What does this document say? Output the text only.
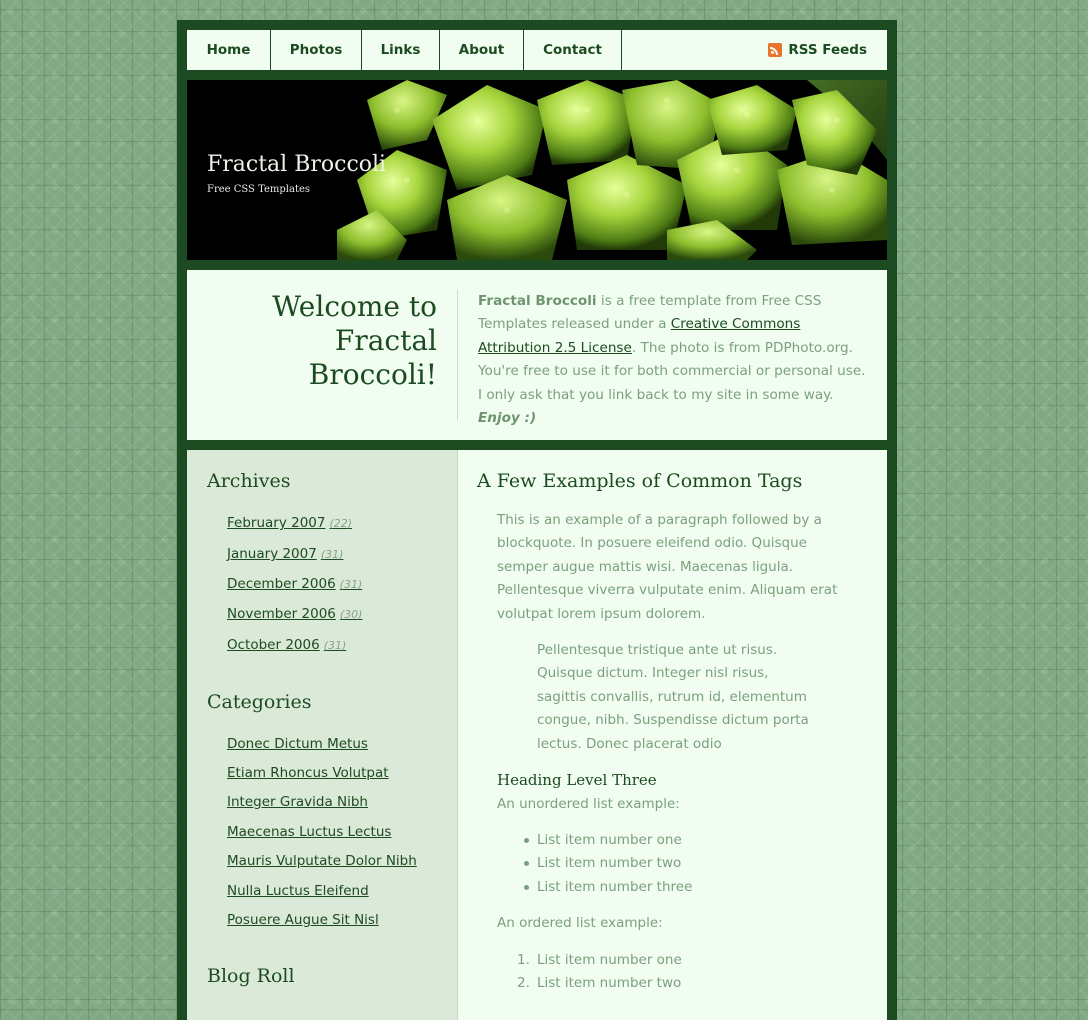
Home	Photos	Links	About	Contact	RSS Feeds
Fractal Broccoli
Free CSS Templates
Welcome to
Fractal Broccoli!

Fractal Broccoli is a free template from Free CSS Templates released under a Creative Commons Attribution 2.5 License. The photo is from PDPhoto.org. You're free to use it for both commercial or personal use. I only ask that you link back to my site in some way. Enjoy :)

Archives
February 2007 (22)
January 2007 (31)
December 2006 (31)
November 2006 (30)
October 2006 (31)
Categories
Donec Dictum Metus
Etiam Rhoncus Volutpat
Integer Gravida Nibh
Maecenas Luctus Lectus
Mauris Vulputate Dolor Nibh
Nulla Luctus Eleifend
Posuere Augue Sit Nisl
Blog Roll
A Few Examples of Common Tags
This is an example of a paragraph followed by a
blockquote. In posuere eleifend odio. Quisque
semper augue mattis wisi. Maecenas ligula.
Pellentesque viverra vulputate enim. Aliquam erat
volutpat lorem ipsum dolorem.
Pellentesque tristique ante ut risus.
Quisque dictum. Integer nisl risus,
sagittis convallis, rutrum id, elementum
congue, nibh. Suspendisse dictum porta
lectus. Donec placerat odio
Heading Level Three
An unordered list example:
List item number one
List item number two
List item number three
An ordered list example:
1. List item number one
2. List item number two
